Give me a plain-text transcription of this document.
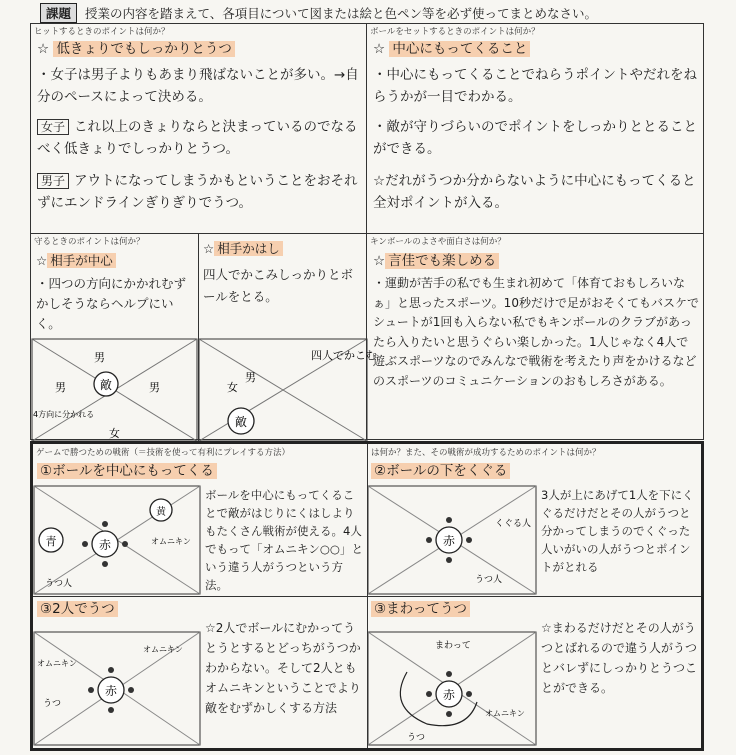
課題	授業の内容を踏まえて、各項目について図または絵と色ペン等を必ず使ってまとめなさい。
ヒットするときのポイントは何か？
☆ 低きょりでもしっかりとうつ
・女子は男子よりもあまり飛ばないことが多い。→自分のペースによって決める。
女子 これ以上のきょりならと決まっているのでなるべく低きょりでしっかりとうつ。
男子 アウトになってしまうかもということをおそれずにエンドラインぎりぎりでうつ。
ボールをセットするときのポイントは何か？
☆ 中心にもってくること
・中心にもってくることでねらうポイントやだれをねらうかが一目でわかる。
・敵が守りづらいのでポイントをしっかりととることができる。
☆だれがうつか分からないように中心にもってくると全対ポイントが入る。
守るときのポイントは何か？
☆ 相手が中心
・四つの方向にかかれむずかしそうならヘルプにいく。
☆ 相手かはし
四人でかこみしっかりとボールをとる。
敵
男
男	男
女
4方向に分かれる
敵
男
女
四人でかこむ
キンボールのよさや面白さは何か？
☆ 言佳でも楽しめる
・運動が苦手の私でも生まれ初めて「体育ておもしろいなぁ」と思ったスポーツ。10秒だけで足がおそくてもバスケでシュートが1回も入らない私でもキンボールのクラブがあったら入りたいと思うぐらい楽しかった。1人じゃなく4人で遊ぶスポーツなのでみんなで戦術を考えたり声をかけるなどのスポーツのコミュニケーションのおもしろさがある。
ゲームで勝つための戦術（＝技術を使って有利にプレイする方法）	は何か？また、その戦術が成功するためのポイントは何か？
①ボールを中心にもってくる
赤
青
黄
オムニキン
うつ人
ボールを中心にもってくることで敵がはじりにくはしよりもたくさん戦術が使える。4人でもって「オムニキン○○」という違う人がうつという方法。
②ボールの下をくぐる
赤
くぐる人
うつ人
3人が上にあげて1人を下にくぐるだけだとその人がうつと分かってしまうのでくぐった人いがいの人がうつとポイントがとれる
③2人でうつ
赤
オムニキン
オムニキン
うつ
☆2人でボールにむかってうとうとするとどっちがうつかわからない。そして2人ともオムニキンということでより敵をむずかしくする方法
③まわってうつ
赤
まわって
うつ
オムニキン
☆まわるだけだとその人がうつとばれるので違う人がうつとバレずにしっかりとうつことができる。
